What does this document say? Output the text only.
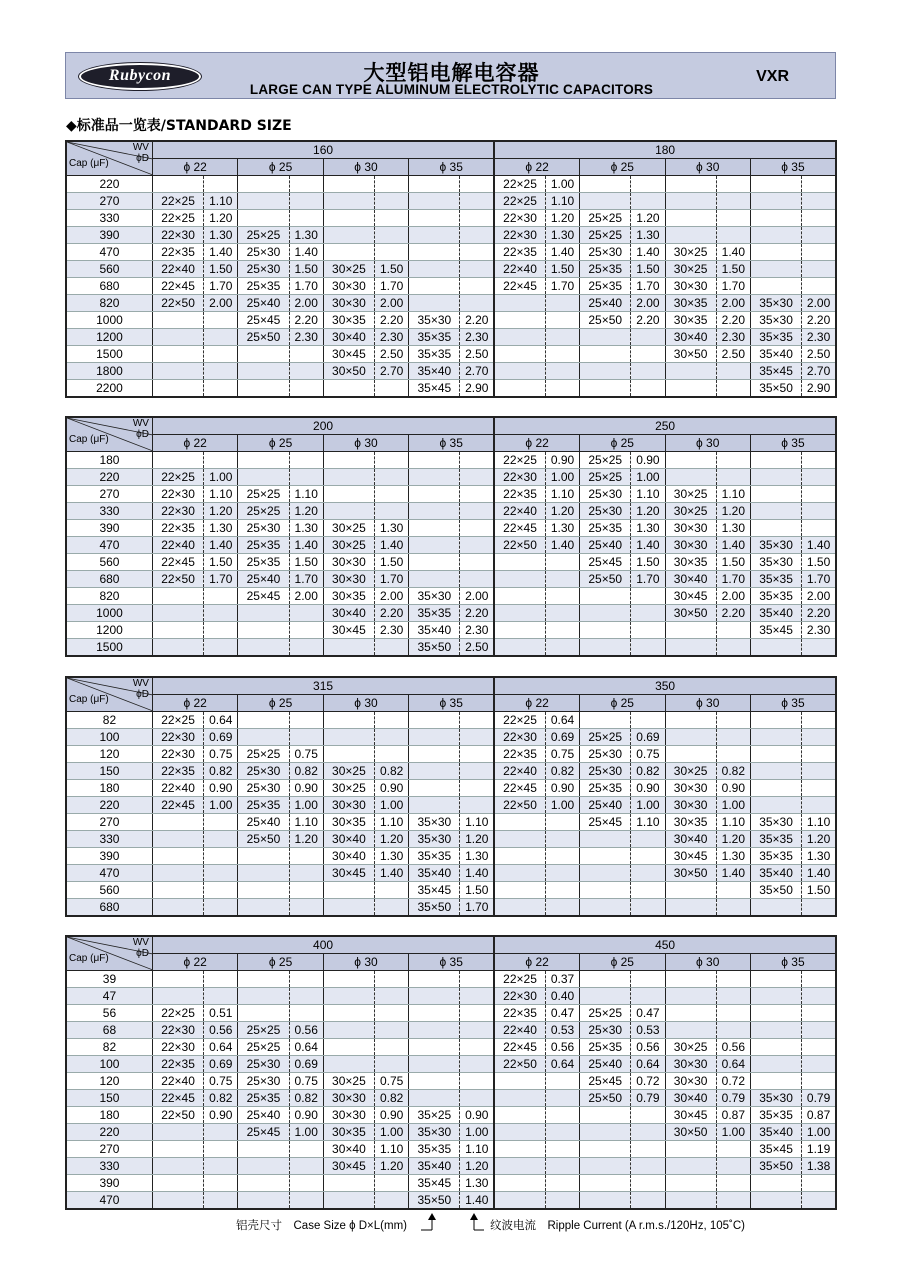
Rubycon	大型铝电解电容器
LARGE CAN TYPE ALUMINUM ELECTROLYTIC CAPACITORS
VXR
◆标准品一览表/STANDARD SIZE
WV
ϕD
Cap (μF)	160								180							
	ϕ 22		ϕ 25		ϕ 30		ϕ 35		ϕ 22		ϕ 25		ϕ 30		ϕ 35	
220									22×25	1.00						
270	22×25	1.10							22×25	1.10						
330	22×25	1.20							22×30	1.20	25×25	1.20				
390	22×30	1.30	25×25	1.30					22×30	1.30	25×25	1.30				
470	22×35	1.40	25×30	1.40					22×35	1.40	25×30	1.40	30×25	1.40		
560	22×40	1.50	25×30	1.50	30×25	1.50			22×40	1.50	25×35	1.50	30×25	1.50		
680	22×45	1.70	25×35	1.70	30×30	1.70			22×45	1.70	25×35	1.70	30×30	1.70		
820	22×50	2.00	25×40	2.00	30×30	2.00					25×40	2.00	30×35	2.00	35×30	2.00
1000			25×45	2.20	30×35	2.20	35×30	2.20			25×50	2.20	30×35	2.20	35×30	2.20
1200			25×50	2.30	30×40	2.30	35×35	2.30					30×40	2.30	35×35	2.30
1500					30×45	2.50	35×35	2.50					30×50	2.50	35×40	2.50
1800					30×50	2.70	35×40	2.70							35×45	2.70
2200							35×45	2.90							35×50	2.90
WV
ϕD
Cap (μF)	200								250							
	ϕ 22		ϕ 25		ϕ 30		ϕ 35		ϕ 22		ϕ 25		ϕ 30		ϕ 35	
180									22×25	0.90	25×25	0.90				
220	22×25	1.00							22×30	1.00	25×25	1.00				
270	22×30	1.10	25×25	1.10					22×35	1.10	25×30	1.10	30×25	1.10		
330	22×30	1.20	25×25	1.20					22×40	1.20	25×30	1.20	30×25	1.20		
390	22×35	1.30	25×30	1.30	30×25	1.30			22×45	1.30	25×35	1.30	30×30	1.30		
470	22×40	1.40	25×35	1.40	30×25	1.40			22×50	1.40	25×40	1.40	30×30	1.40	35×30	1.40
560	22×45	1.50	25×35	1.50	30×30	1.50					25×45	1.50	30×35	1.50	35×30	1.50
680	22×50	1.70	25×40	1.70	30×30	1.70					25×50	1.70	30×40	1.70	35×35	1.70
820			25×45	2.00	30×35	2.00	35×30	2.00					30×45	2.00	35×35	2.00
1000					30×40	2.20	35×35	2.20					30×50	2.20	35×40	2.20
1200					30×45	2.30	35×40	2.30							35×45	2.30
1500							35×50	2.50								
WV
ϕD
Cap (μF)	315								350							
	ϕ 22		ϕ 25		ϕ 30		ϕ 35		ϕ 22		ϕ 25		ϕ 30		ϕ 35	
82	22×25	0.64							22×25	0.64						
100	22×30	0.69							22×30	0.69	25×25	0.69				
120	22×30	0.75	25×25	0.75					22×35	0.75	25×30	0.75				
150	22×35	0.82	25×30	0.82	30×25	0.82			22×40	0.82	25×30	0.82	30×25	0.82		
180	22×40	0.90	25×30	0.90	30×25	0.90			22×45	0.90	25×35	0.90	30×30	0.90		
220	22×45	1.00	25×35	1.00	30×30	1.00			22×50	1.00	25×40	1.00	30×30	1.00		
270			25×40	1.10	30×35	1.10	35×30	1.10			25×45	1.10	30×35	1.10	35×30	1.10
330			25×50	1.20	30×40	1.20	35×30	1.20					30×40	1.20	35×35	1.20
390					30×40	1.30	35×35	1.30					30×45	1.30	35×35	1.30
470					30×45	1.40	35×40	1.40					30×50	1.40	35×40	1.40
560							35×45	1.50							35×50	1.50
680							35×50	1.70								
WV
ϕD
Cap (μF)	400								450							
	ϕ 22		ϕ 25		ϕ 30		ϕ 35		ϕ 22		ϕ 25		ϕ 30		ϕ 35	
39									22×25	0.37						
47									22×30	0.40						
56	22×25	0.51							22×35	0.47	25×25	0.47				
68	22×30	0.56	25×25	0.56					22×40	0.53	25×30	0.53				
82	22×30	0.64	25×25	0.64					22×45	0.56	25×35	0.56	30×25	0.56		
100	22×35	0.69	25×30	0.69					22×50	0.64	25×40	0.64	30×30	0.64		
120	22×40	0.75	25×30	0.75	30×25	0.75					25×45	0.72	30×30	0.72		
150	22×45	0.82	25×35	0.82	30×30	0.82					25×50	0.79	30×40	0.79	35×30	0.79
180	22×50	0.90	25×40	0.90	30×30	0.90	35×25	0.90					30×45	0.87	35×35	0.87
220			25×45	1.00	30×35	1.00	35×30	1.00					30×50	1.00	35×40	1.00
270					30×40	1.10	35×35	1.10							35×45	1.19
330					30×45	1.20	35×40	1.20							35×50	1.38
390							35×45	1.30								
470							35×50	1.40								
铝壳尺寸　Case Size ϕ D×L(mm)	纹波电流　Ripple Current (A r.m.s./120Hz, 105˚C)
